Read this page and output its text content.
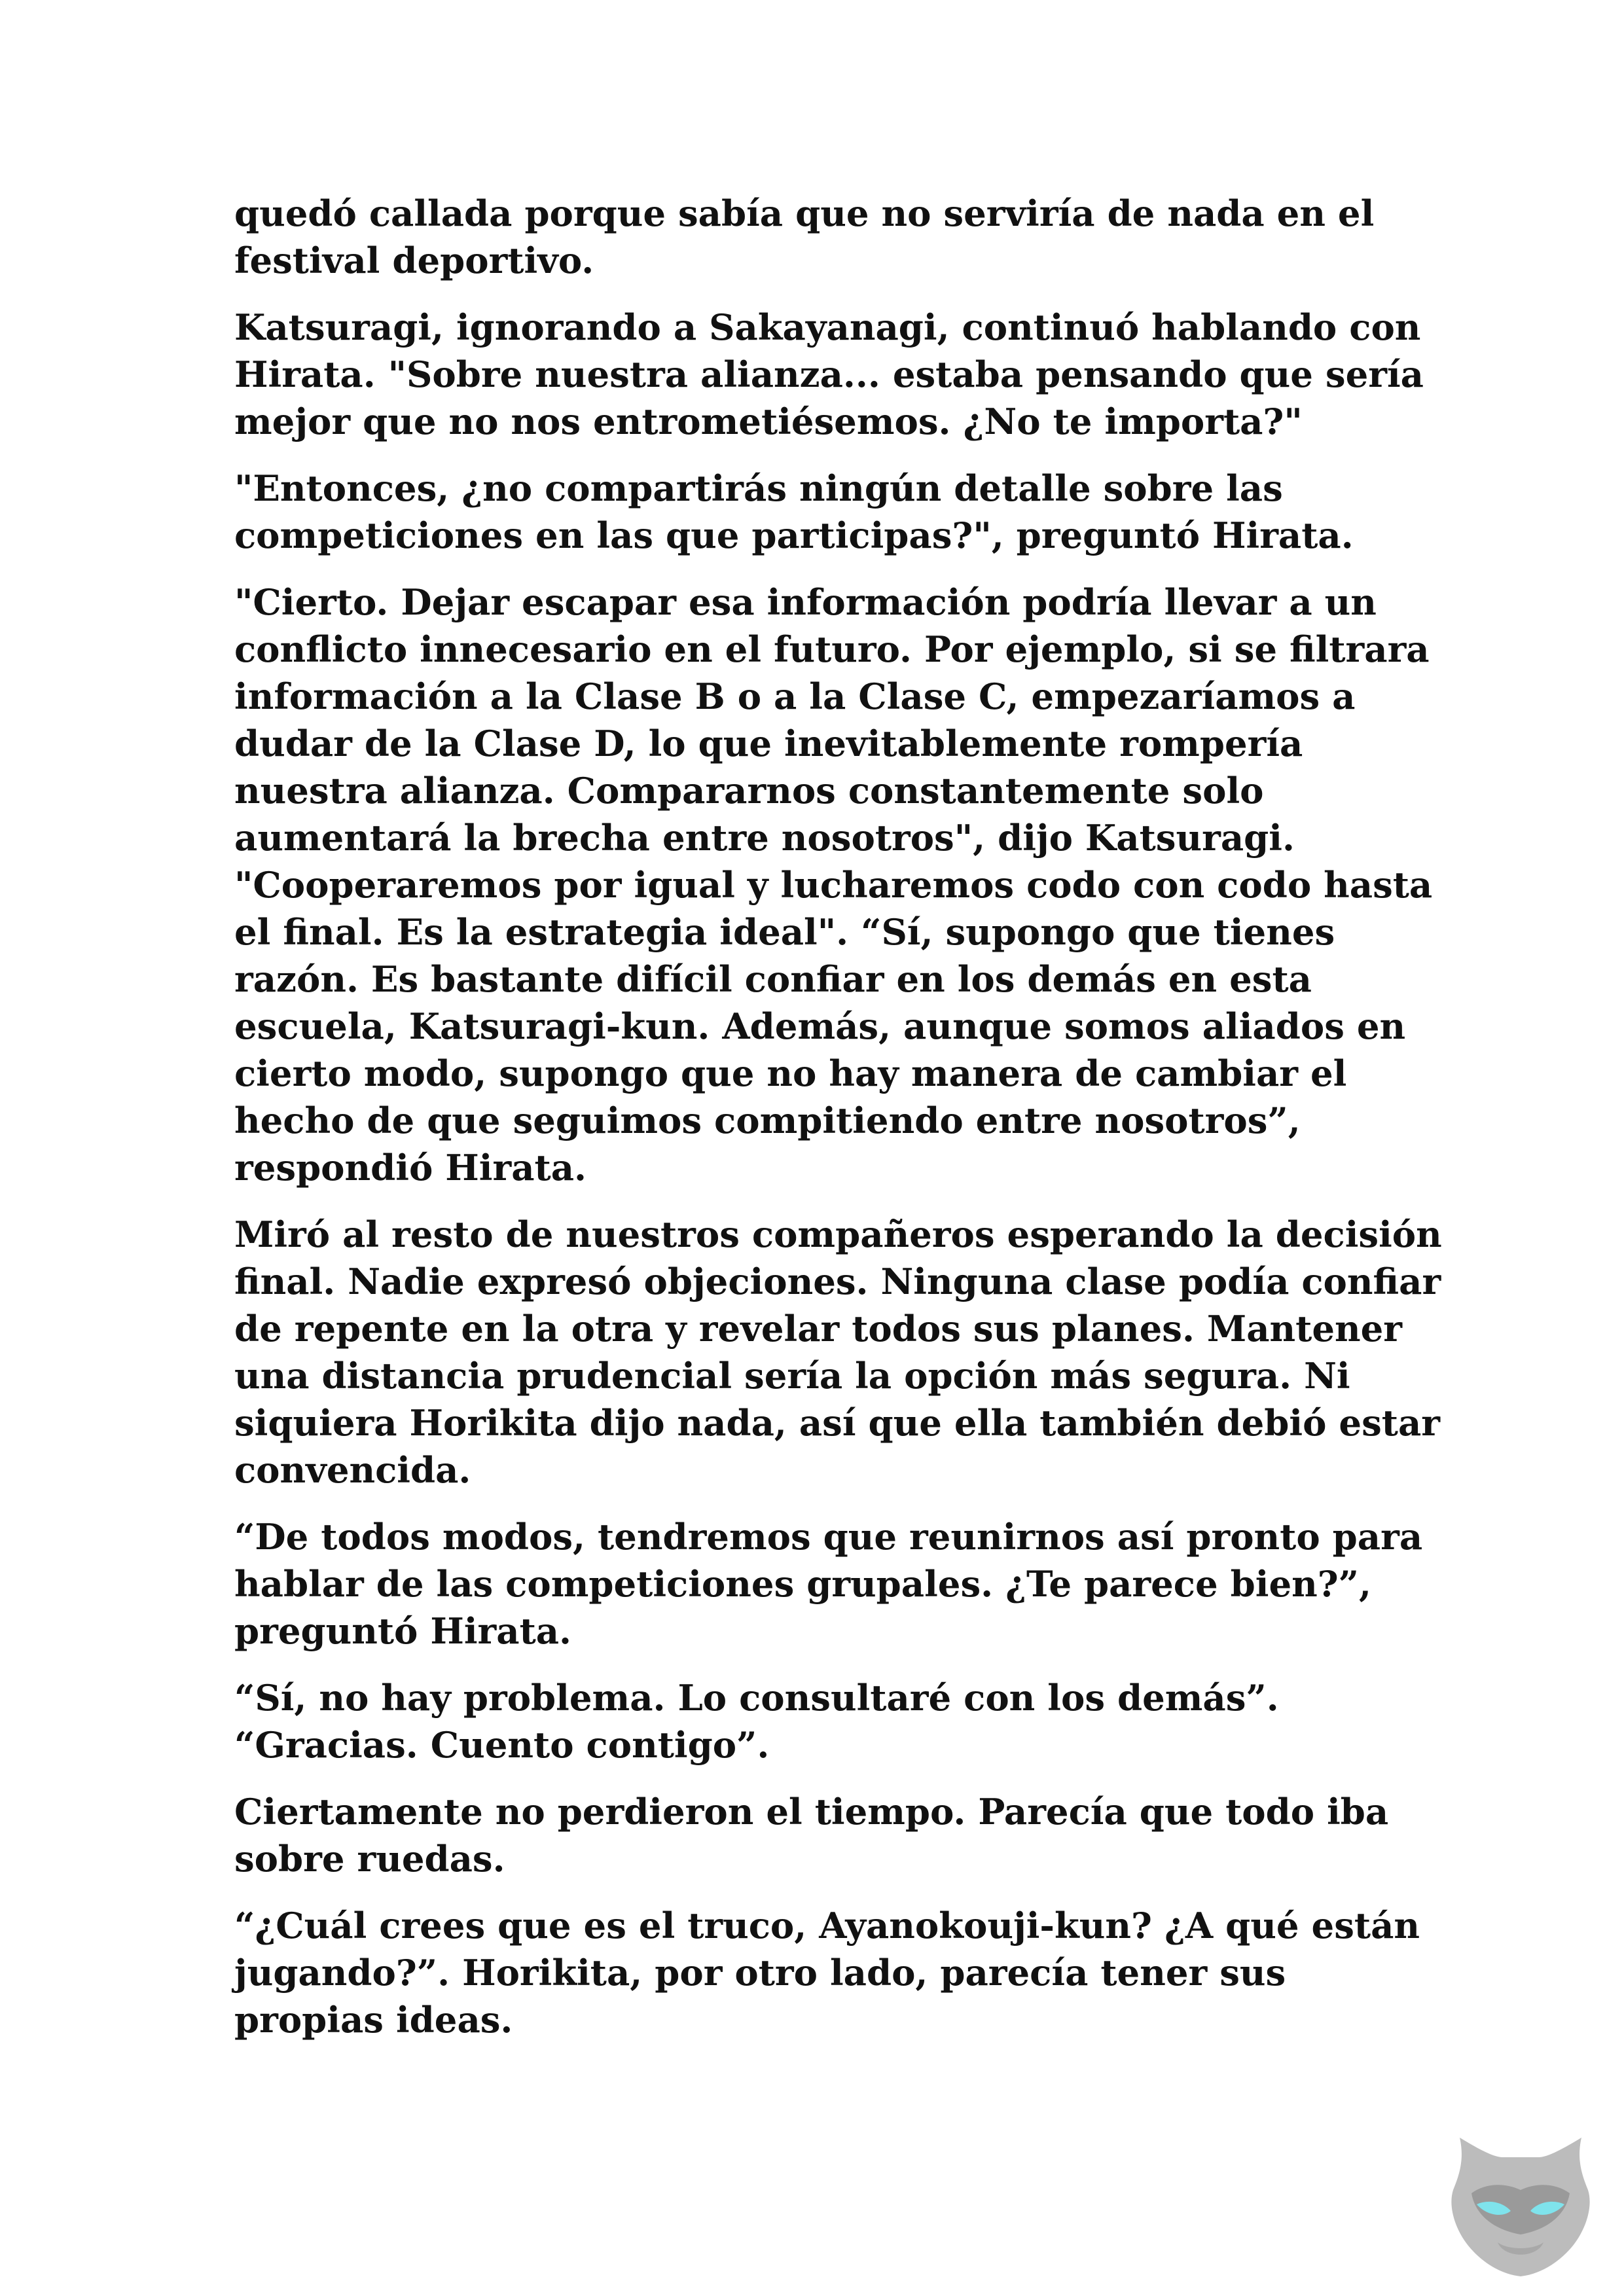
quedó callada porque sabía que no serviría de nada en el
festival deportivo.

Katsuragi, ignorando a Sakayanagi, continuó hablando con
Hirata. "Sobre nuestra alianza... estaba pensando que sería
mejor que no nos entrometiésemos. ¿No te importa?"

"Entonces, ¿no compartirás ningún detalle sobre las
competiciones en las que participas?", preguntó Hirata.

"Cierto. Dejar escapar esa información podría llevar a un
conflicto innecesario en el futuro. Por ejemplo, si se filtrara
información a la Clase B o a la Clase C, empezaríamos a
dudar de la Clase D, lo que inevitablemente rompería
nuestra alianza. Compararnos constantemente solo
aumentará la brecha entre nosotros", dijo Katsuragi.
"Cooperaremos por igual y lucharemos codo con codo hasta
el final. Es la estrategia ideal". “Sí, supongo que tienes
razón. Es bastante difícil confiar en los demás en esta
escuela, Katsuragi-kun. Además, aunque somos aliados en
cierto modo, supongo que no hay manera de cambiar el
hecho de que seguimos compitiendo entre nosotros”,
respondió Hirata.

Miró al resto de nuestros compañeros esperando la decisión
final. Nadie expresó objeciones. Ninguna clase podía confiar
de repente en la otra y revelar todos sus planes. Mantener
una distancia prudencial sería la opción más segura. Ni
siquiera Horikita dijo nada, así que ella también debió estar
convencida.

“De todos modos, tendremos que reunirnos así pronto para
hablar de las competiciones grupales. ¿Te parece bien?”,
preguntó Hirata.

“Sí, no hay problema. Lo consultaré con los demás”.
“Gracias. Cuento contigo”.

Ciertamente no perdieron el tiempo. Parecía que todo iba
sobre ruedas.

“¿Cuál crees que es el truco, Ayanokouji-kun? ¿A qué están
jugando?”. Horikita, por otro lado, parecía tener sus
propias ideas.
